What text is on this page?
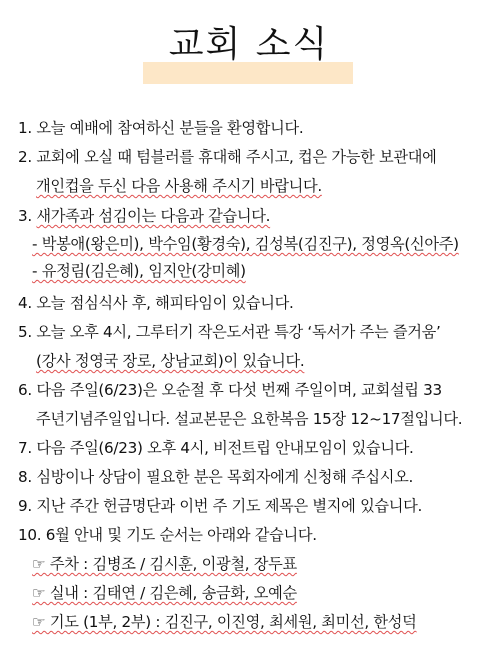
교회 소식
1. 오늘 예배에 참여하신 분들을 환영합니다.
2. 교회에 오실 때 텀블러를 휴대해 주시고, 컵은 가능한 보관대에
개인컵을 두신 다음 사용해 주시기 바랍니다.
3. 새가족과 섬김이는 다음과 같습니다.
- 박봉애(왕은미), 박수임(황경숙), 김성복(김진구), 정영옥(신아주)
- 유정림(김은혜), 임지안(강미혜)
4. 오늘 점심식사 후, 해피타임이 있습니다.
5. 오늘 오후 4시, 그루터기 작은도서관 특강 ‘독서가 주는 즐거움’
(강사 정영국 장로, 상남교회)이 있습니다.
6. 다음 주일(6/23)은 오순절 후 다섯 번째 주일이며, 교회설립 33
주년기념주일입니다. 설교본문은 요한복음 15장 12~17절입니다.
7. 다음 주일(6/23) 오후 4시, 비전트립 안내모임이 있습니다.
8. 심방이나 상담이 필요한 분은 목회자에게 신청해 주십시오.
9. 지난 주간 헌금명단과 이번 주 기도 제목은 별지에 있습니다.
10. 6월 안내 및 기도 순서는 아래와 같습니다.
☞ 주차 : 김병조 / 김시훈, 이광철, 장두표
☞ 실내 : 김태연 / 김은혜, 송금화, 오예순
☞ 기도 (1부, 2부) : 김진구, 이진영, 최세원, 최미선, 한성덕
